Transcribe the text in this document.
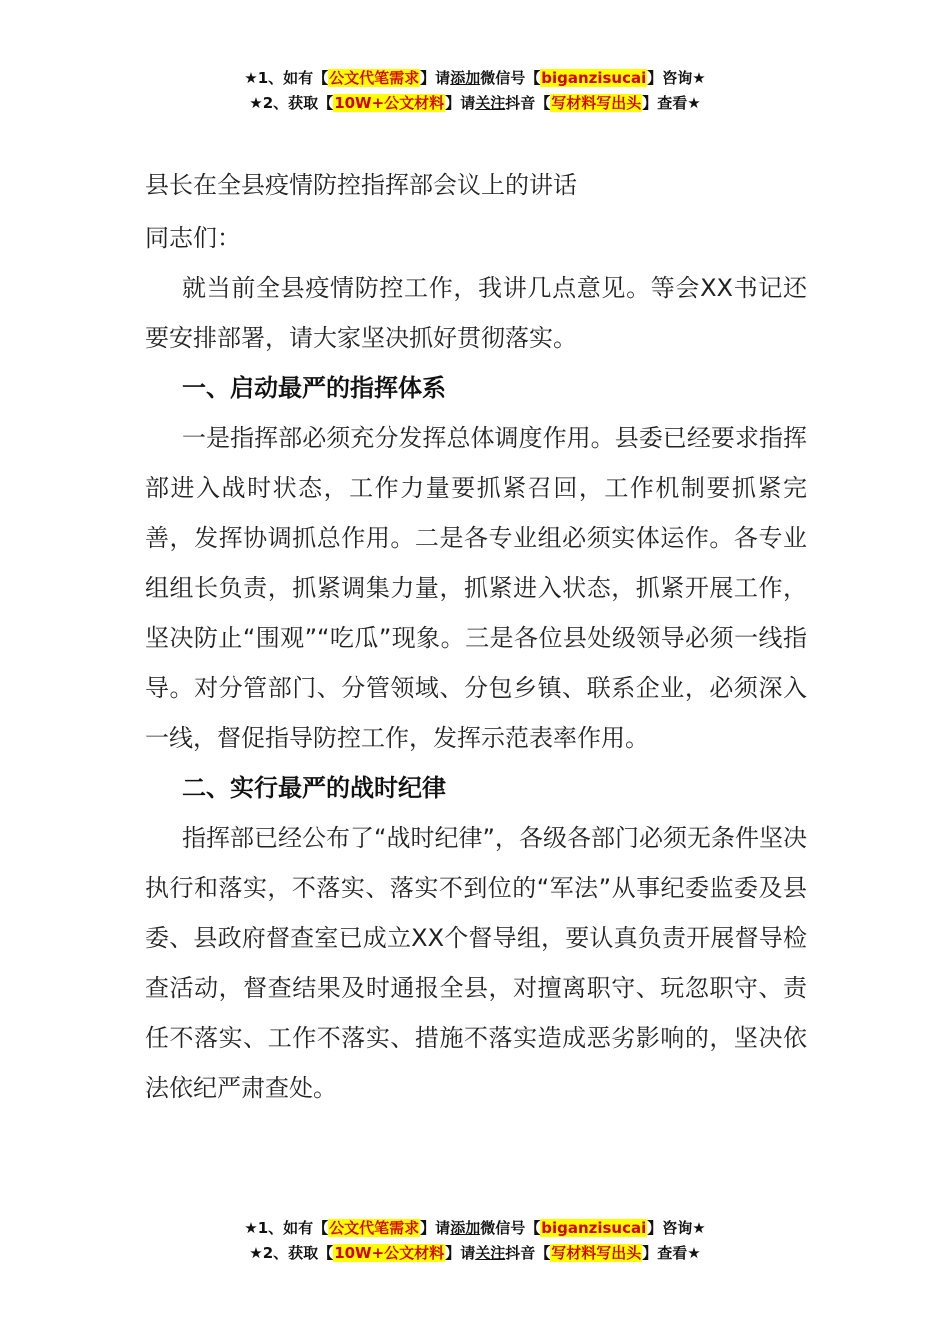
★1、如有【公文代笔需求】请添加微信号【biganzisucai】咨询★
★2、获取【10W+公文材料】请关注抖音【写材料写出头】查看★
县长在全县疫情防控指挥部会议上的讲话
同志们：

就当前全县疫情防控工作，我讲几点意见。等会XX书记还要安排部署，请大家坚决抓好贯彻落实。

一、启动最严的指挥体系

一是指挥部必须充分发挥总体调度作用。县委已经要求指挥部进入战时状态，工作力量要抓紧召回，工作机制要抓紧完善，发挥协调抓总作用。二是各专业组必须实体运作。各专业组组长负责，抓紧调集力量，抓紧进入状态，抓紧开展工作，坚决防止“围观”“吃瓜”现象。三是各位县处级领导必须一线指导。对分管部门、分管领域、分包乡镇、联系企业，必须深入一线，督促指导防控工作，发挥示范表率作用。

二、实行最严的战时纪律

指挥部已经公布了“战时纪律”，各级各部门必须无条件坚决执行和落实，不落实、落实不到位的“军法”从事纪委监委及县委、县政府督查室已成立XX个督导组，要认真负责开展督导检查活动，督查结果及时通报全县，对擅离职守、玩忽职守、责任不落实、工作不落实、措施不落实造成恶劣影响的，坚决依法依纪严肃查处。

★1、如有【公文代笔需求】请添加微信号【biganzisucai】咨询★
★2、获取【10W+公文材料】请关注抖音【写材料写出头】查看★
